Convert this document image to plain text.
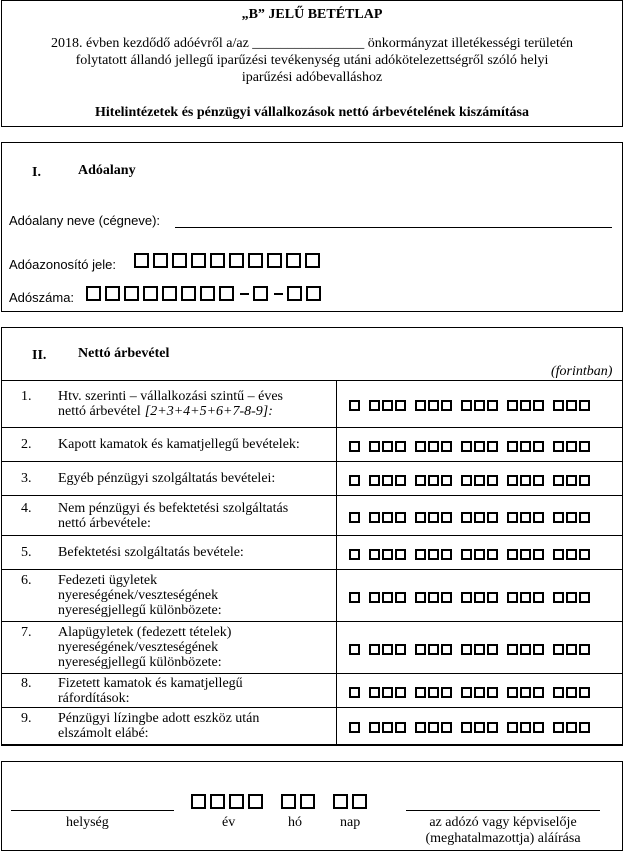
„B” JELŰ BETÉTLAP
2018. évben kezdődő adóévről a/az ________________ önkormányzat illetékességi területén
folytatott állandó jellegű iparűzési tevékenység utáni adókötelezettségről szóló helyi
iparűzési adóbevalláshoz
Hitelintézetek és pénzügyi vállalkozások nettó árbevételének kiszámítása
I.	Adóalany
Adóalany neve (cégneve):
Adóazonosító jele:
Adószáma:
II. Nettó árbevétel
(forintban)
1. Htv. szerinti – vállalkozási szintű – éves
nettó árbevétel [2+3+4+5+6+7-8-9]:
2. Kapott kamatok és kamatjellegű bevételek:
3. Egyéb pénzügyi szolgáltatás bevételei:
4. Nem pénzügyi és befektetési szolgáltatás
nettó árbevétele:
5. Befektetési szolgáltatás bevétele:
6. Fedezeti ügyletek
nyereségének/veszteségének
nyereségjellegű különbözete:
7. Alapügyletek (fedezett tételek)
nyereségének/veszteségének
nyereségjellegű különbözete:
8. Fizetett kamatok és kamatjellegű
ráfordítások:
9. Pénzügyi lízingbe adott eszköz után
elszámolt elábé:
helység	év	hó	nap	az adózó vagy képviselője
(meghatalmazottja) aláírása
